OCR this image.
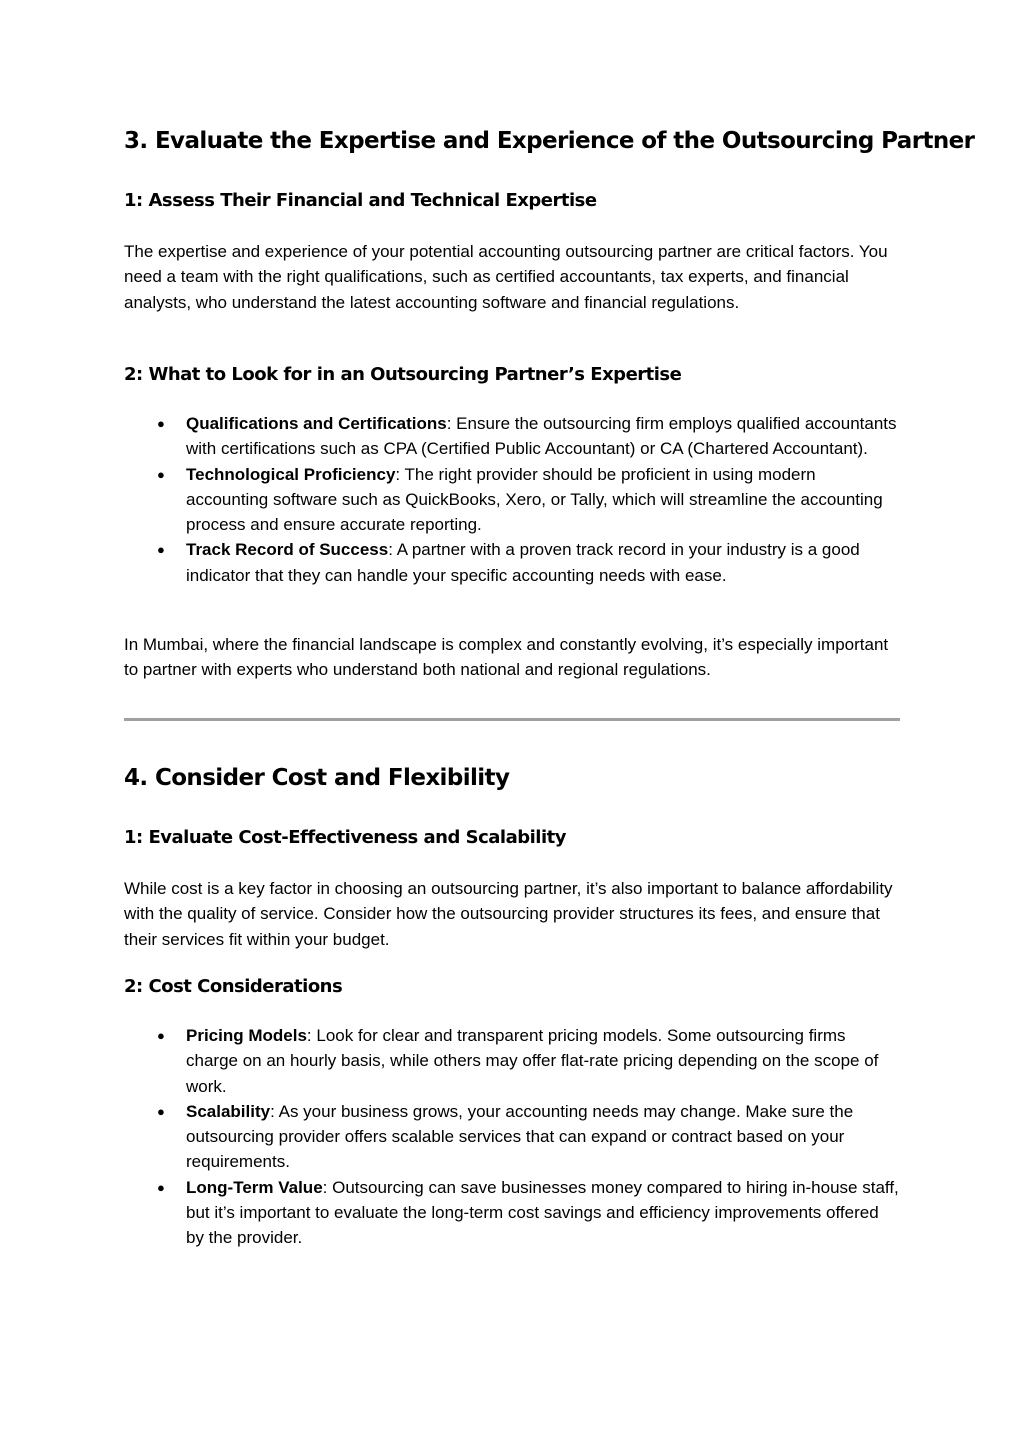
3. Evaluate the Expertise and Experience of the Outsourcing Partner
1: Assess Their Financial and Technical Expertise

The expertise and experience of your potential accounting outsourcing partner are critical factors. You need a team with the right qualifications, such as certified accountants, tax experts, and financial analysts, who understand the latest accounting software and financial regulations.

2: What to Look for in an Outsourcing Partner’s Expertise
● Qualifications and Certifications: Ensure the outsourcing firm employs qualified accountants with certifications such as CPA (Certified Public Accountant) or CA (Chartered Accountant).
● Technological Proficiency: The right provider should be proficient in using modern accounting software such as QuickBooks, Xero, or Tally, which will streamline the accounting process and ensure accurate reporting.
● Track Record of Success: A partner with a proven track record in your industry is a good indicator that they can handle your specific accounting needs with ease.

In Mumbai, where the financial landscape is complex and constantly evolving, it’s especially important to partner with experts who understand both national and regional regulations.

4. Consider Cost and Flexibility
1: Evaluate Cost-Effectiveness and Scalability

While cost is a key factor in choosing an outsourcing partner, it’s also important to balance affordability with the quality of service. Consider how the outsourcing provider structures its fees, and ensure that their services fit within your budget.

2: Cost Considerations
● Pricing Models: Look for clear and transparent pricing models. Some outsourcing firms charge on an hourly basis, while others may offer flat-rate pricing depending on the scope of work.
● Scalability: As your business grows, your accounting needs may change. Make sure the outsourcing provider offers scalable services that can expand or contract based on your requirements.
● Long-Term Value: Outsourcing can save businesses money compared to hiring in-house staff, but it’s important to evaluate the long-term cost savings and efficiency improvements offered by the provider.
